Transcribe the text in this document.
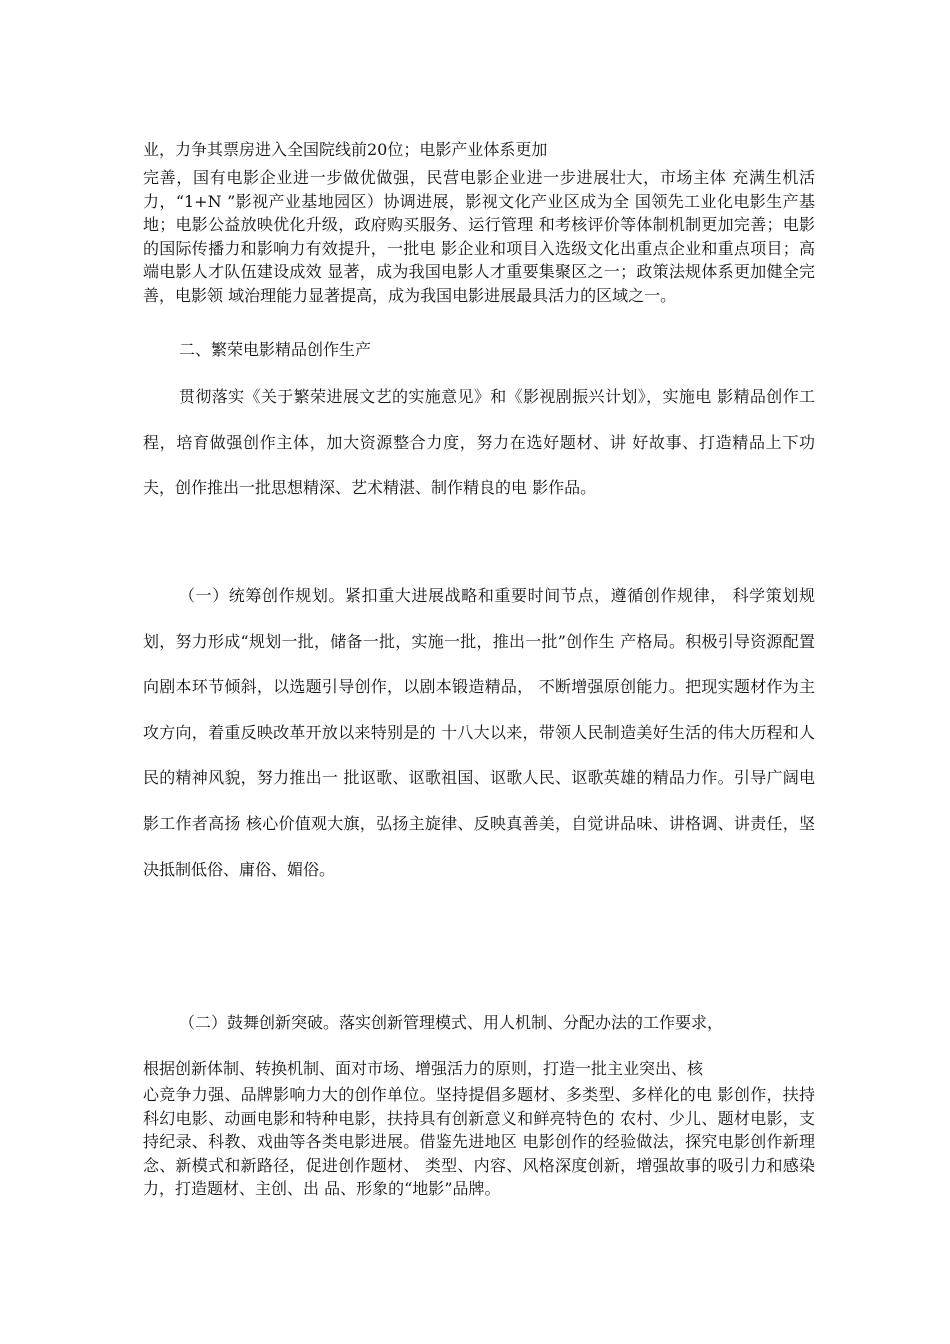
业，力争其票房进入全国院线前20位；电影产业体系更加

完善，国有电影企业进一步做优做强，民营电影企业进一步进展壮大，市场主体 充满生机活力，“1+N ”影视产业基地园区）协调进展，影视文化产业区成为全 国领先工业化电影生产基地；电影公益放映优化升级，政府购买服务、运行管理 和考核评价等体制机制更加完善；电影的国际传播力和影响力有效提升，一批电 影企业和项目入选级文化出重点企业和重点项目；高端电影人才队伍建设成效 显著，成为我国电影人才重要集聚区之一；政策法规体系更加健全完善，电影领 域治理能力显著提高，成为我国电影进展最具活力的区域之一。

二、繁荣电影精品创作生产

贯彻落实《关于繁荣进展文艺的实施意见》和《影视剧振兴计划》，实施电 影精品创作工程，培育做强创作主体，加大资源整合力度，努力在选好题材、讲 好故事、打造精品上下功夫，创作推出一批思想精深、艺术精湛、制作精良的电 影作品。

（一）统筹创作规划。紧扣重大进展战略和重要时间节点，遵循创作规律， 科学策划规划，努力形成“规划一批，储备一批，实施一批，推出一批”创作生 产格局。积极引导资源配置向剧本环节倾斜，以选题引导创作，以剧本锻造精品， 不断增强原创能力。把现实题材作为主攻方向，着重反映改革开放以来特别是的 十八大以来，带领人民制造美好生活的伟大历程和人民的精神风貌，努力推出一 批讴歌、讴歌祖国、讴歌人民、讴歌英雄的精品力作。引导广阔电影工作者高扬 核心价值观大旗，弘扬主旋律、反映真善美，自觉讲品味、讲格调、讲责任，坚 决抵制低俗、庸俗、媚俗。

（二）鼓舞创新突破。落实创新管理模式、用人机制、分配办法的工作要求，

根据创新体制、转换机制、面对市场、增强活力的原则，打造一批主业突出、核

心竞争力强、品牌影响力大的创作单位。坚持提倡多题材、多类型、多样化的电 影创作，扶持科幻电影、动画电影和特种电影，扶持具有创新意义和鲜亮特色的 农村、少儿、题材电影，支持纪录、科教、戏曲等各类电影进展。借鉴先进地区 电影创作的经验做法，探究电影创作新理念、新模式和新路径，促进创作题材、 类型、内容、风格深度创新，增强故事的吸引力和感染力，打造题材、主创、出 品、形象的“地影”品牌。
